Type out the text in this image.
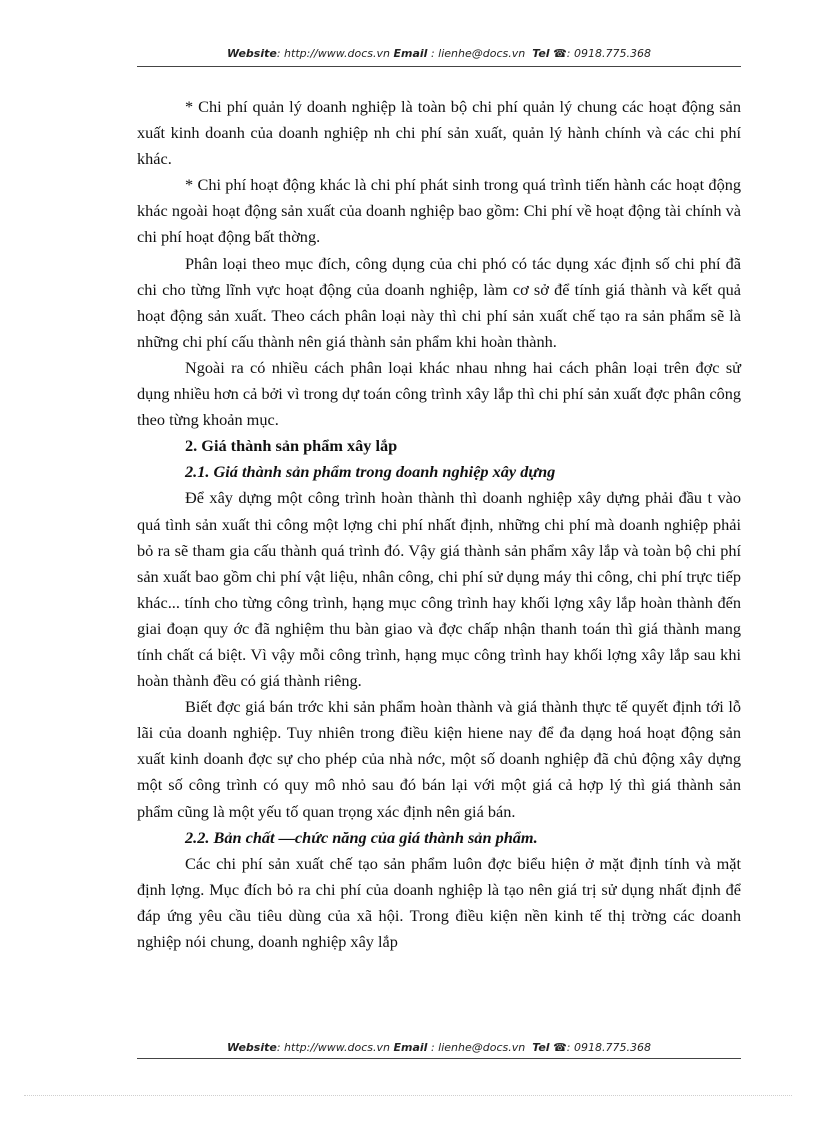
Website: http://www.docs.vn Email : lienhe@docs.vn Tel ☎: 0918.775.368

* Chi phí quản lý doanh nghiệp là toàn bộ chi phí quản lý chung các hoạt động sản xuất kinh doanh của doanh nghiệp nh chi phí sản xuất, quản lý hành chính và các chi phí khác.

* Chi phí hoạt động khác là chi phí phát sinh trong quá trình tiến hành các hoạt động khác ngoài hoạt động sản xuất của doanh nghiệp bao gồm: Chi phí về hoạt động tài chính và chi phí hoạt động bất thờng.

Phân loại theo mục đích, công dụng của chi phó có tác dụng xác định số chi phí đã chi cho từng lĩnh vực hoạt động của doanh nghiệp, làm cơ sở để tính giá thành và kết quả hoạt động sản xuất. Theo cách phân loại này thì chi phí sản xuất chế tạo ra sản phẩm sẽ là những chi phí cấu thành nên giá thành sản phẩm khi hoàn thành.

Ngoài ra có nhiều cách phân loại khác nhau nhng hai cách phân loại trên đợc sử dụng nhiều hơn cả bởi vì trong dự toán công trình xây lắp thì chi phí sản xuất đợc phân công theo từng khoản mục.

2. Giá thành sản phẩm xây lắp
2.1. Giá thành sản phẩm trong doanh nghiệp xây dựng

Để xây dựng một công trình hoàn thành thì doanh nghiệp xây dựng phải đầu t vào quá tình sản xuất thi công một lợng chi phí nhất định, những chi phí mà doanh nghiệp phải bỏ ra sẽ tham gia cấu thành quá trình đó. Vậy giá thành sản phẩm xây lắp và toàn bộ chi phí sản xuất bao gồm chi phí vật liệu, nhân công, chi phí sử dụng máy thi công, chi phí trực tiếp khác... tính cho từng công trình, hạng mục công trình hay khối lợng xây lắp hoàn thành đến giai đoạn quy ớc đã nghiệm thu bàn giao và đợc chấp nhận thanh toán thì giá thành mang tính chất cá biệt. Vì vậy mỗi công trình, hạng mục công trình hay khối lợng xây lắp sau khi hoàn thành đều có giá thành riêng.

Biết đợc giá bán trớc khi sản phẩm hoàn thành và giá thành thực tế quyết định tới lỗ lãi của doanh nghiệp. Tuy nhiên trong điều kiện hiene nay để đa dạng hoá hoạt động sản xuất kinh doanh đợc sự cho phép của nhà nớc, một số doanh nghiệp đã chủ động xây dựng một số công trình có quy mô nhỏ sau đó bán lại với một giá cả hợp lý thì giá thành sản phẩm cũng là một yếu tố quan trọng xác định nên giá bán.

2.2. Bản chất —chức năng của giá thành sản phẩm.

Các chi phí sản xuất chế tạo sản phẩm luôn đợc biểu hiện ở mặt định tính và mặt định lợng. Mục đích bỏ ra chi phí của doanh nghiệp là tạo nên giá trị sử dụng nhất định để đáp ứng yêu cầu tiêu dùng của xã hội. Trong điều kiện nền kinh tế thị trờng các doanh nghiệp nói chung, doanh nghiệp xây lắp

Website: http://www.docs.vn Email : lienhe@docs.vn Tel ☎: 0918.775.368
